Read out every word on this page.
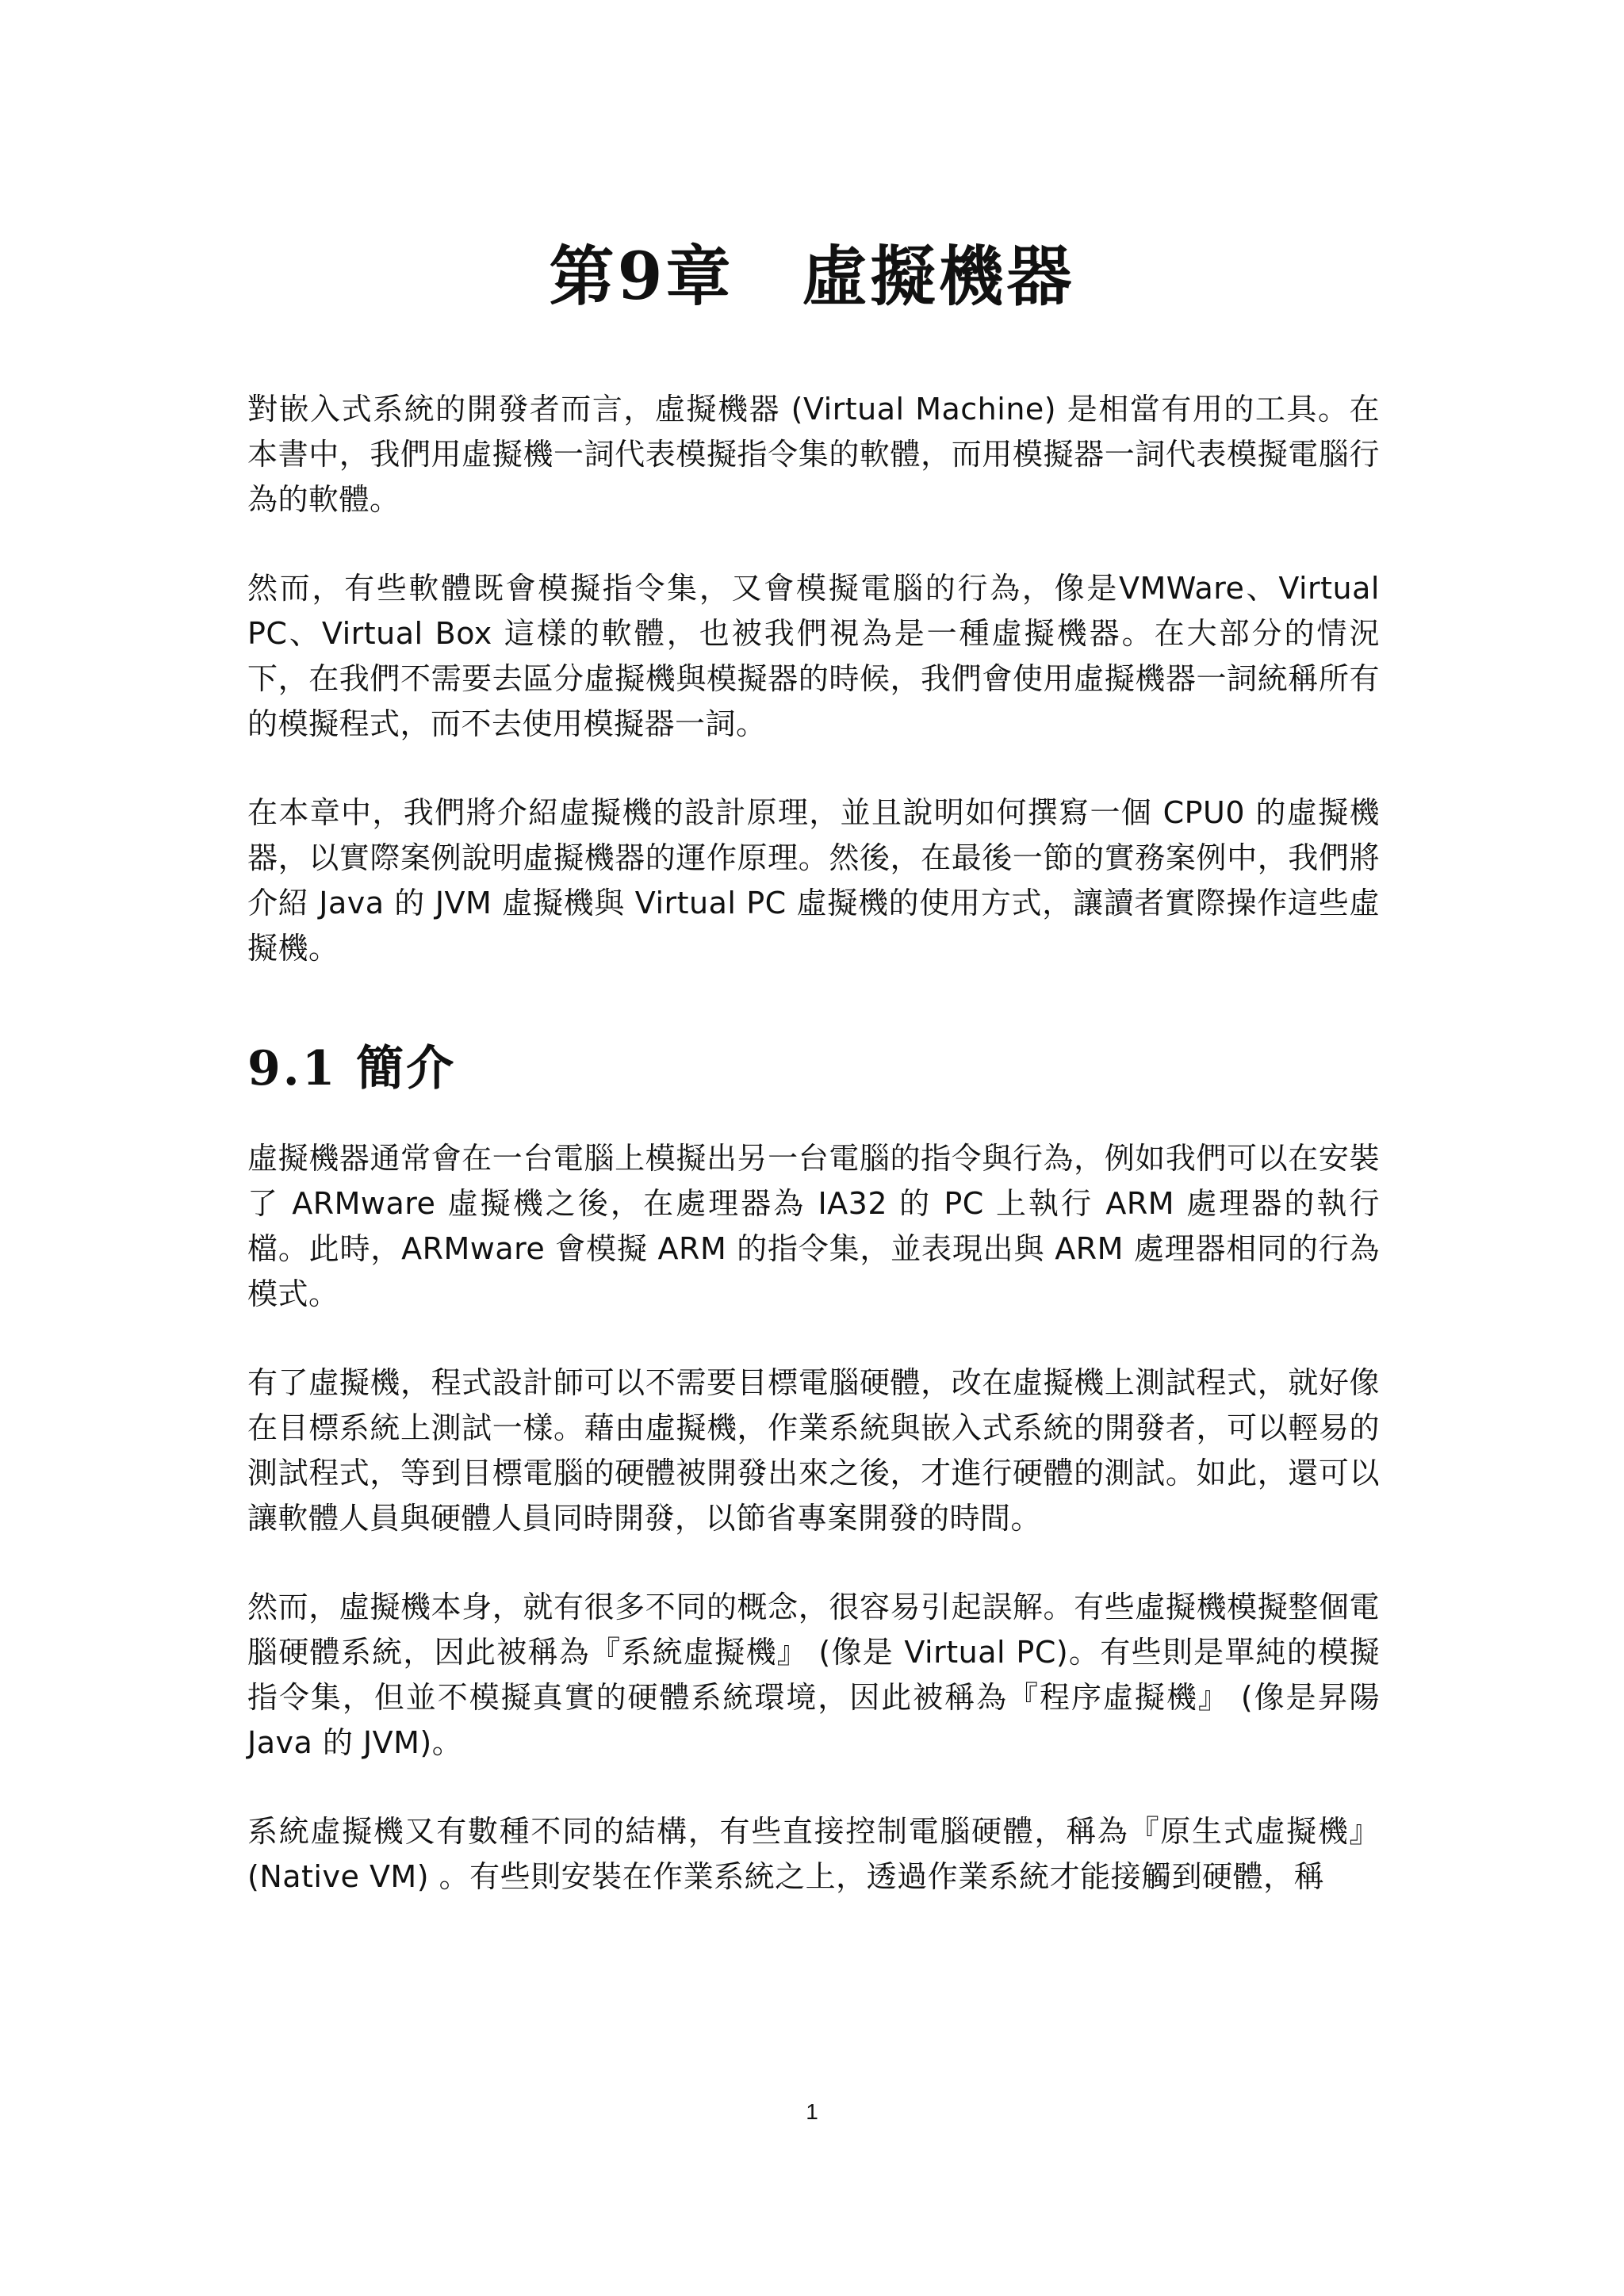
第9章　虛擬機器

對嵌入式系統的開發者而言，虛擬機器 (Virtual Machine) 是相當有用的工具。在本書中，我們用虛擬機一詞代表模擬指令集的軟體，而用模擬器一詞代表模擬電腦行為的軟體。

然而，有些軟體既會模擬指令集，又會模擬電腦的行為，像是VMWare、Virtual PC、Virtual Box 這樣的軟體，也被我們視為是一種虛擬機器。在大部分的情況下，在我們不需要去區分虛擬機與模擬器的時候，我們會使用虛擬機器一詞統稱所有的模擬程式，而不去使用模擬器一詞。

在本章中，我們將介紹虛擬機的設計原理，並且說明如何撰寫一個 CPU0 的虛擬機器，以實際案例說明虛擬機器的運作原理。然後，在最後一節的實務案例中，我們將介紹 Java 的 JVM 虛擬機與 Virtual PC 虛擬機的使用方式，讓讀者實際操作這些虛擬機。

9.1 簡介

虛擬機器通常會在一台電腦上模擬出另一台電腦的指令與行為，例如我們可以在安裝了 ARMware 虛擬機之後，在處理器為 IA32 的 PC 上執行 ARM 處理器的執行檔。此時，ARMware 會模擬 ARM 的指令集，並表現出與 ARM 處理器相同的行為模式。

有了虛擬機，程式設計師可以不需要目標電腦硬體，改在虛擬機上測試程式，就好像在目標系統上測試一樣。藉由虛擬機，作業系統與嵌入式系統的開發者，可以輕易的測試程式，等到目標電腦的硬體被開發出來之後，才進行硬體的測試。如此，還可以讓軟體人員與硬體人員同時開發，以節省專案開發的時間。

然而，虛擬機本身，就有很多不同的概念，很容易引起誤解。有些虛擬機模擬整個電腦硬體系統，因此被稱為『系統虛擬機』 (像是 Virtual PC)。有些則是單純的模擬指令集，但並不模擬真實的硬體系統環境，因此被稱為『程序虛擬機』 (像是昇陽 Java 的 JVM)。

系統虛擬機又有數種不同的結構，有些直接控制電腦硬體，稱為『原生式虛擬機』(Native VM) 。有些則安裝在作業系統之上，透過作業系統才能接觸到硬體，稱

1
